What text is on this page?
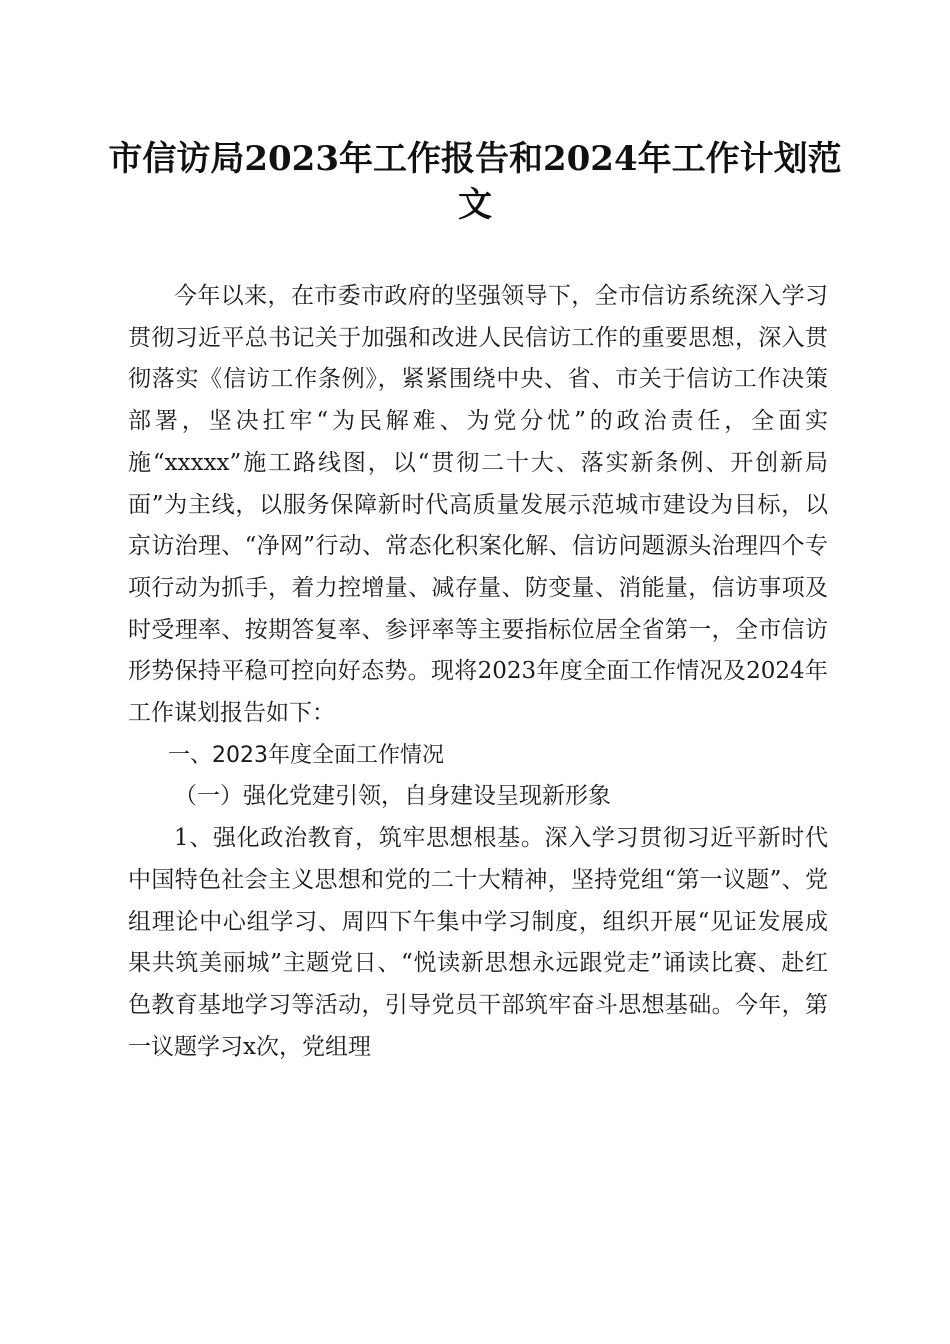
市信访局2023年工作报告和2024年工作计划范文

今年以来，在市委市政府的坚强领导下，全市信访系统深入学习贯彻习近平总书记关于加强和改进人民信访工作的重要思想，深入贯彻落实《信访工作条例》，紧紧围绕中央、省、市关于信访工作决策部署，坚决扛牢“为民解难、为党分忧”的政治责任，全面实施“xxxxx”施工路线图，以“贯彻二十大、落实新条例、开创新局面”为主线，以服务保障新时代高质量发展示范城市建设为目标，以京访治理、“净网”行动、常态化积案化解、信访问题源头治理四个专项行动为抓手，着力控增量、减存量、防变量、消能量，信访事项及时受理率、按期答复率、参评率等主要指标位居全省第一，全市信访形势保持平稳可控向好态势。现将2023年度全面工作情况及2024年工作谋划报告如下：

一、2023年度全面工作情况

（一）强化党建引领，自身建设呈现新形象

1、强化政治教育，筑牢思想根基。深入学习贯彻习近平新时代中国特色社会主义思想和党的二十大精神，坚持党组“第一议题”、党组理论中心组学习、周四下午集中学习制度，组织开展“见证发展成果共筑美丽城”主题党日、“悦读新思想永远跟党走”诵读比赛、赴红色教育基地学习等活动，引导党员干部筑牢奋斗思想基础。今年，第一议题学习x次，党组理
